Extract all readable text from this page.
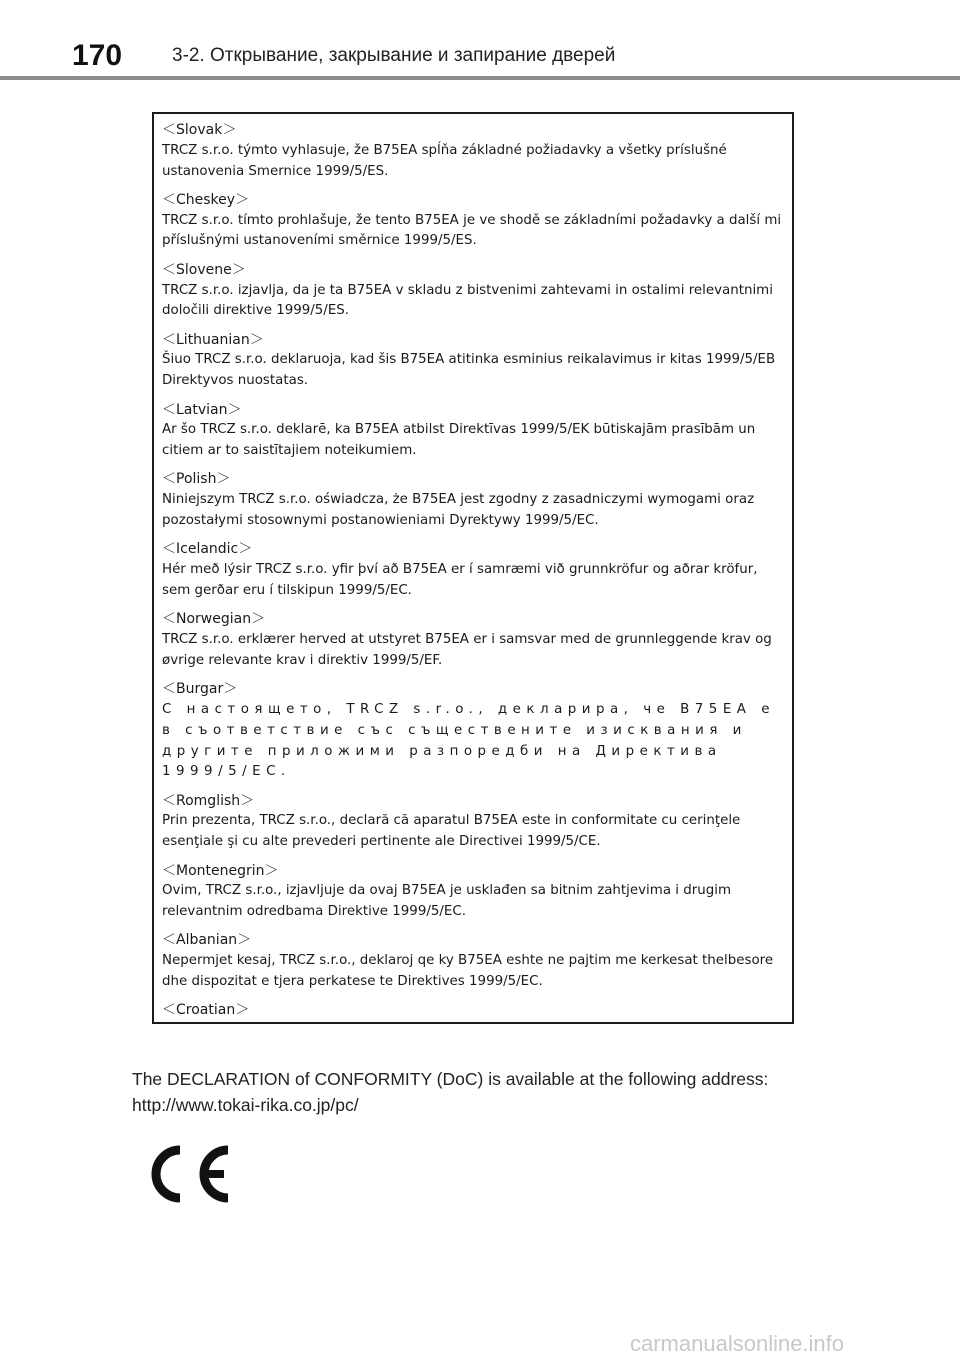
170	3-2. Открывание, закрывание и запирание дверей
＜Slovak＞
TRCZ s.r.o. týmto vyhlasuje, že B75EA spĺňa základné požiadavky a všetky príslušné ustanovenia Smernice 1999/5/ES.
＜Cheskey＞
TRCZ s.r.o. tímto prohlašuje, že tento B75EA je ve shodě se základními požadavky a další mi příslušnými ustanoveními směrnice 1999/5/ES.
＜Slovene＞
TRCZ s.r.o. izjavlja, da je ta B75EA v skladu z bistvenimi zahtevami in ostalimi relevantnimi določili direktive 1999/5/ES.
＜Lithuanian＞
Šiuo TRCZ s.r.o. deklaruoja, kad šis B75EA atitinka esminius reikalavimus ir kitas 1999/5/EB Direktyvos nuostatas.
＜Latvian＞
Ar šo TRCZ s.r.o. deklarē, ka B75EA atbilst Direktīvas 1999/5/EK būtiskajām prasībām un citiem ar to saistītajiem noteikumiem.
＜Polish＞
Niniejszym TRCZ s.r.o. oświadcza, że B75EA jest zgodny z zasadniczymi wymogami oraz pozostałymi stosownymi postanowieniami Dyrektywy 1999/5/EC.
＜Icelandic＞
Hér með lýsir TRCZ s.r.o. yfir því að B75EA er í samræmi við grunnkröfur og aðrar kröfur, sem gerðar eru í tilskipun 1999/5/EC.
＜Norwegian＞
TRCZ s.r.o. erklærer herved at utstyret B75EA er i samsvar med de grunnleggende krav og øvrige relevante krav i direktiv 1999/5/EF.
＜Burgar＞
С настоящето, TRCZ s.r.o., декларира, че B75EA е в съответствие със съществените изисквания и другите приложими разпоредби на Директива 1999/5/ЕС.
＜Romglish＞
Prin prezenta, TRCZ s.r.o., declară că aparatul B75EA este in conformitate cu cerinţele esenţiale şi cu alte prevederi pertinente ale Directivei 1999/5/CE.
＜Montenegrin＞
Ovim, TRCZ s.r.o., izjavljuje da ovaj B75EA je usklađen sa bitnim zahtjevima i drugim relevantnim odredbama Direktive 1999/5/EC.
＜Albanian＞
Nepermjet kesaj, TRCZ s.r.o., deklaroj qe ky B75EA eshte ne pajtim me kerkesat thelbesore dhe dispozitat e tjera perkatese te Direktives 1999/5/EC.
＜Croatian＞
The DECLARATION of CONFORMITY (DoC) is available at the following address:
http://www.tokai-rika.co.jp/pc/
carmanualsonline.info
